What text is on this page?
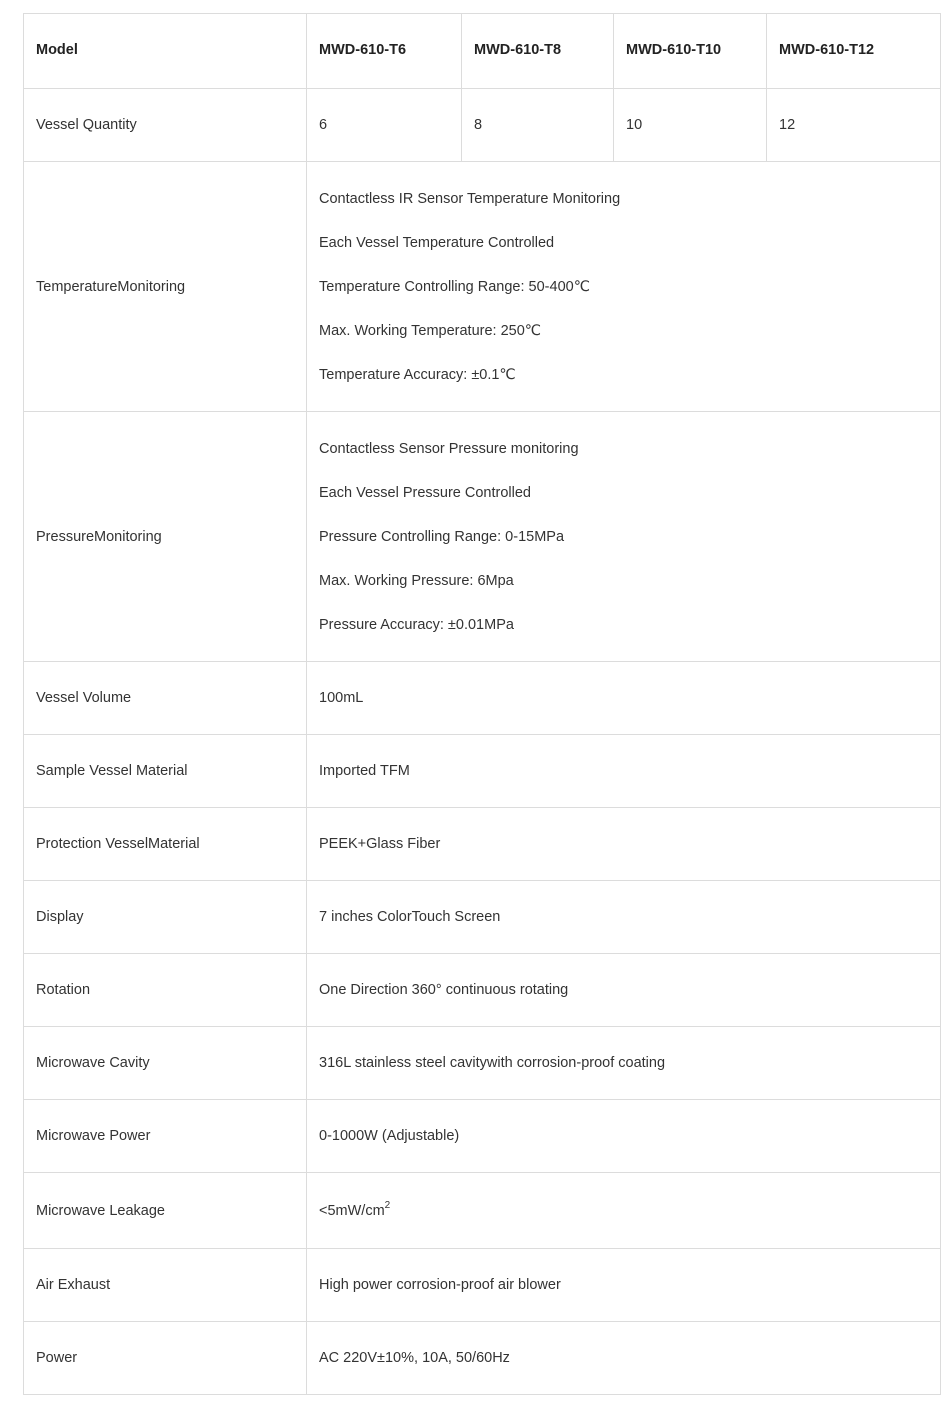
Model	MWD-610-T6	MWD-610-T8	MWD-610-T10	MWD-610-T12
Vessel Quantity	6	8	10	12
TemperatureMonitoring	Contactless IR Sensor Temperature Monitoring
Each Vessel Temperature Controlled
Temperature Controlling Range: 50-400℃
Max. Working Temperature: 250℃
Temperature Accuracy: ±0.1℃			

PressureMonitoring	Contactless Sensor Pressure monitoring
Each Vessel Pressure Controlled
Pressure Controlling Range: 0-15MPa
Max. Working Pressure: 6Mpa
Pressure Accuracy: ±0.01MPa			

Vessel Volume	100mL			
Sample Vessel Material	Imported TFM			
Protection VesselMaterial	PEEK+Glass Fiber			
Display	7 inches ColorTouch Screen			
Rotation	One Direction 360° continuous rotating			
Microwave Cavity	316L stainless steel cavitywith corrosion-proof coating			
Microwave Power	0-1000W (Adjustable)			
Microwave Leakage	$<5mW/cm^2$
Air Exhaust	High power corrosion-proof air blower			
Power	AC 220V±10%, 10A, 50/60Hz			
